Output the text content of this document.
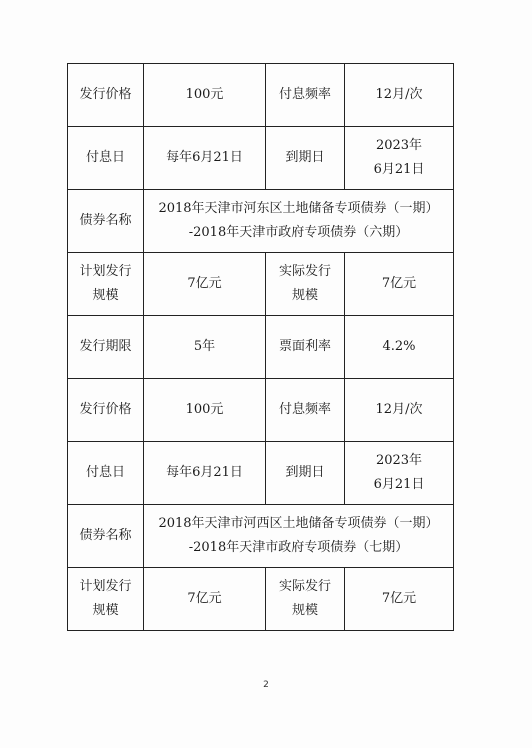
发行价格	100元	付息频率	12月/次
付息日	每年6月21日	到期日	2023年
6月21日

债券名称	2018年天津市河东区土地储备专项债券（一期）
-2018年天津市政府专项债券（六期）		

计划发行
规模	7亿元	实际发行
规模	7亿元
发行期限	5年	票面利率	4.2%
发行价格	100元	付息频率	12月/次
付息日	每年6月21日	到期日	2023年
6月21日

债券名称	2018年天津市河西区土地储备专项债券（一期）
-2018年天津市政府专项债券（七期）		

计划发行
规模	7亿元	实际发行
规模	7亿元
2
